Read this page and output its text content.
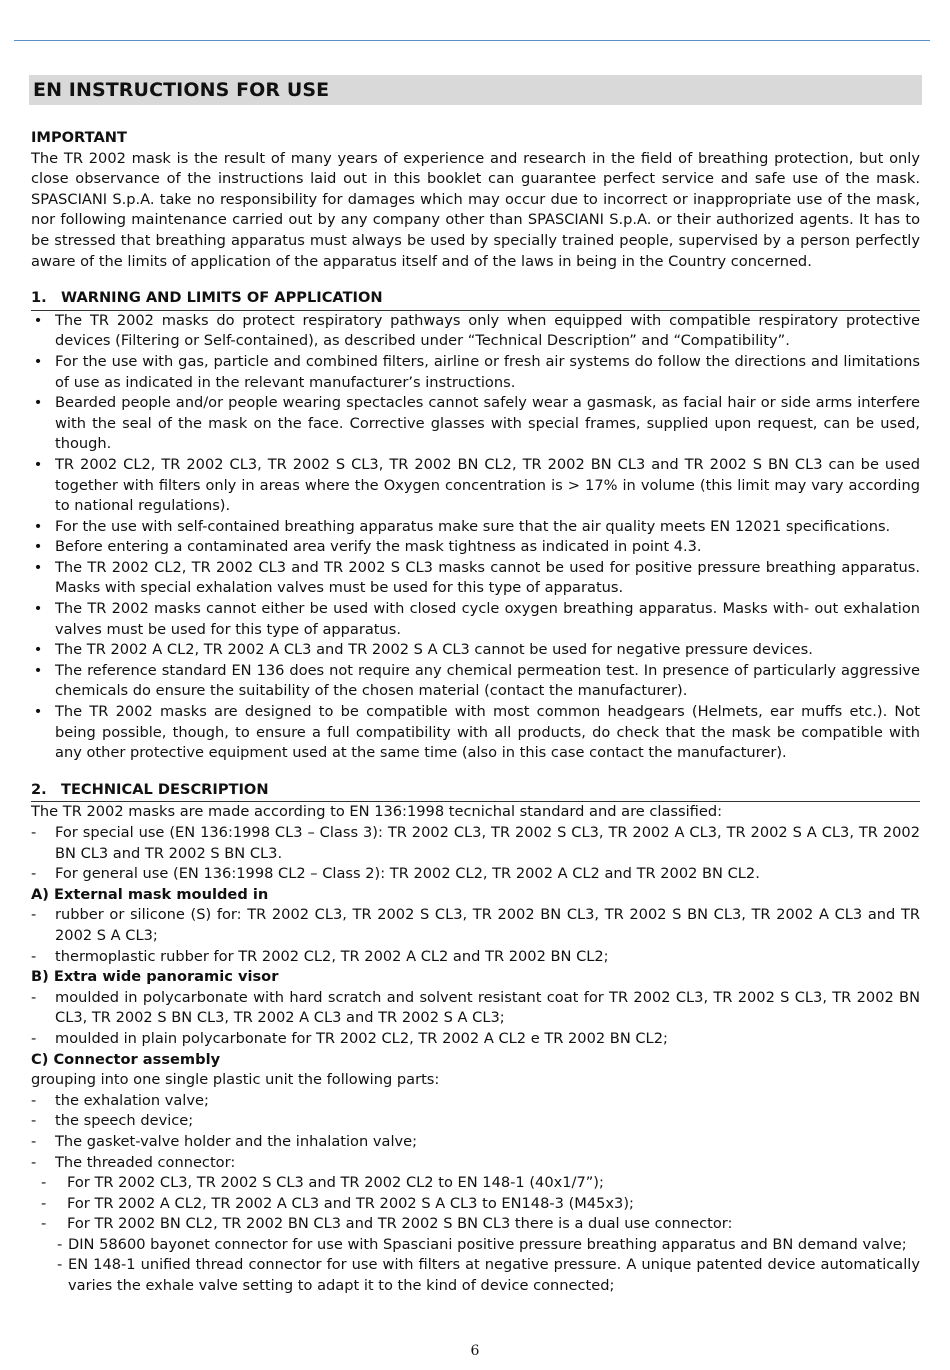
EN INSTRUCTIONS FOR USE
IMPORTANT

The TR 2002 mask is the result of many years of experience and research in the field of breathing protection, but only close observance of the instructions laid out in this booklet can guarantee perfect service and safe use of the mask. SPASCIANI S.p.A. take no responsibility for damages which may occur due to incorrect or inappropriate use of the mask, nor following maintenance carried out by any company other than SPASCIANI S.p.A. or their authorized agents. It has to be stressed that breathing apparatus must always be used by specially trained people, supervised by a person perfectly aware of the limits of application of the apparatus itself and of the laws in being in the Country concerned.

1. WARNING AND LIMITS OF APPLICATION
• The TR 2002 masks do protect respiratory pathways only when equipped with compatible respiratory protective devices (Filtering or Self-contained), as described under “Technical Description” and “Compatibility”.
• For the use with gas, particle and combined filters, airline or fresh air systems do follow the directions and limitations of use as indicated in the relevant manufacturer’s instructions.
• Bearded people and/or people wearing spectacles cannot safely wear a gasmask, as facial hair or side arms interfere with the seal of the mask on the face. Corrective glasses with special frames, supplied upon request, can be used, though.
• TR 2002 CL2, TR 2002 CL3, TR 2002 S CL3, TR 2002 BN CL2, TR 2002 BN CL3 and TR 2002 S BN CL3 can be used together with filters only in areas where the Oxygen concentration is > 17% in volume (this limit may vary according to national regulations).
• For the use with self-contained breathing apparatus make sure that the air quality meets EN 12021 specifications.
• Before entering a contaminated area verify the mask tightness as indicated in point 4.3.
• The TR 2002 CL2, TR 2002 CL3 and TR 2002 S CL3 masks cannot be used for positive pressure breathing apparatus. Masks with special exhalation valves must be used for this type of apparatus.
• The TR 2002 masks cannot either be used with closed cycle oxygen breathing apparatus. Masks with- out exhalation valves must be used for this type of apparatus.
• The TR 2002 A CL2, TR 2002 A CL3 and TR 2002 S A CL3 cannot be used for negative pressure devices.
• The reference standard EN 136 does not require any chemical permeation test. In presence of particularly aggressive chemicals do ensure the suitability of the chosen material (contact the manufacturer).
• The TR 2002 masks are designed to be compatible with most common headgears (Helmets, ear muffs etc.). Not being possible, though, to ensure a full compatibility with all products, do check that the mask be compatible with any other protective equipment used at the same time (also in this case contact the manufacturer).
2. TECHNICAL DESCRIPTION
The TR 2002 masks are made according to EN 136:1998 tecnichal standard and are classified:
-	For special use (EN 136:1998 CL3 – Class 3): TR 2002 CL3, TR 2002 S CL3, TR 2002 A CL3, TR 2002 S A CL3, TR 2002 BN CL3 and TR 2002 S BN CL3.
-	For general use (EN 136:1998 CL2 – Class 2): TR 2002 CL2, TR 2002 A CL2 and TR 2002 BN CL2.
A) External mask moulded in
-	rubber or silicone (S) for: TR 2002 CL3, TR 2002 S CL3, TR 2002 BN CL3, TR 2002 S BN CL3, TR 2002 A CL3 and TR 2002 S A CL3;
-	thermoplastic rubber for TR 2002 CL2, TR 2002 A CL2 and TR 2002 BN CL2;
B) Extra wide panoramic visor
-	moulded in polycarbonate with hard scratch and solvent resistant coat for TR 2002 CL3, TR 2002 S CL3, TR 2002 BN CL3, TR 2002 S BN CL3, TR 2002 A CL3 and TR 2002 S A CL3;
-	moulded in plain polycarbonate for TR 2002 CL2, TR 2002 A CL2 e TR 2002 BN CL2;
C) Connector assembly
grouping into one single plastic unit the following parts:
-	the exhalation valve;
-	the speech device;
-	The gasket-valve holder and the inhalation valve;
-	The threaded connector:
- For TR 2002 CL3, TR 2002 S CL3 and TR 2002 CL2 to EN 148-1 (40x1/7”);
- For TR 2002 A CL2, TR 2002 A CL3 and TR 2002 S A CL3 to EN148-3 (M45x3);
- For TR 2002 BN CL2, TR 2002 BN CL3 and TR 2002 S BN CL3 there is a dual use connector:
- DIN 58600 bayonet connector for use with Spasciani positive pressure breathing apparatus and BN demand valve;
- EN 148-1 unified thread connector for use with filters at negative pressure. A unique patented device automatically varies the exhale valve setting to adapt it to the kind of device connected;
6
